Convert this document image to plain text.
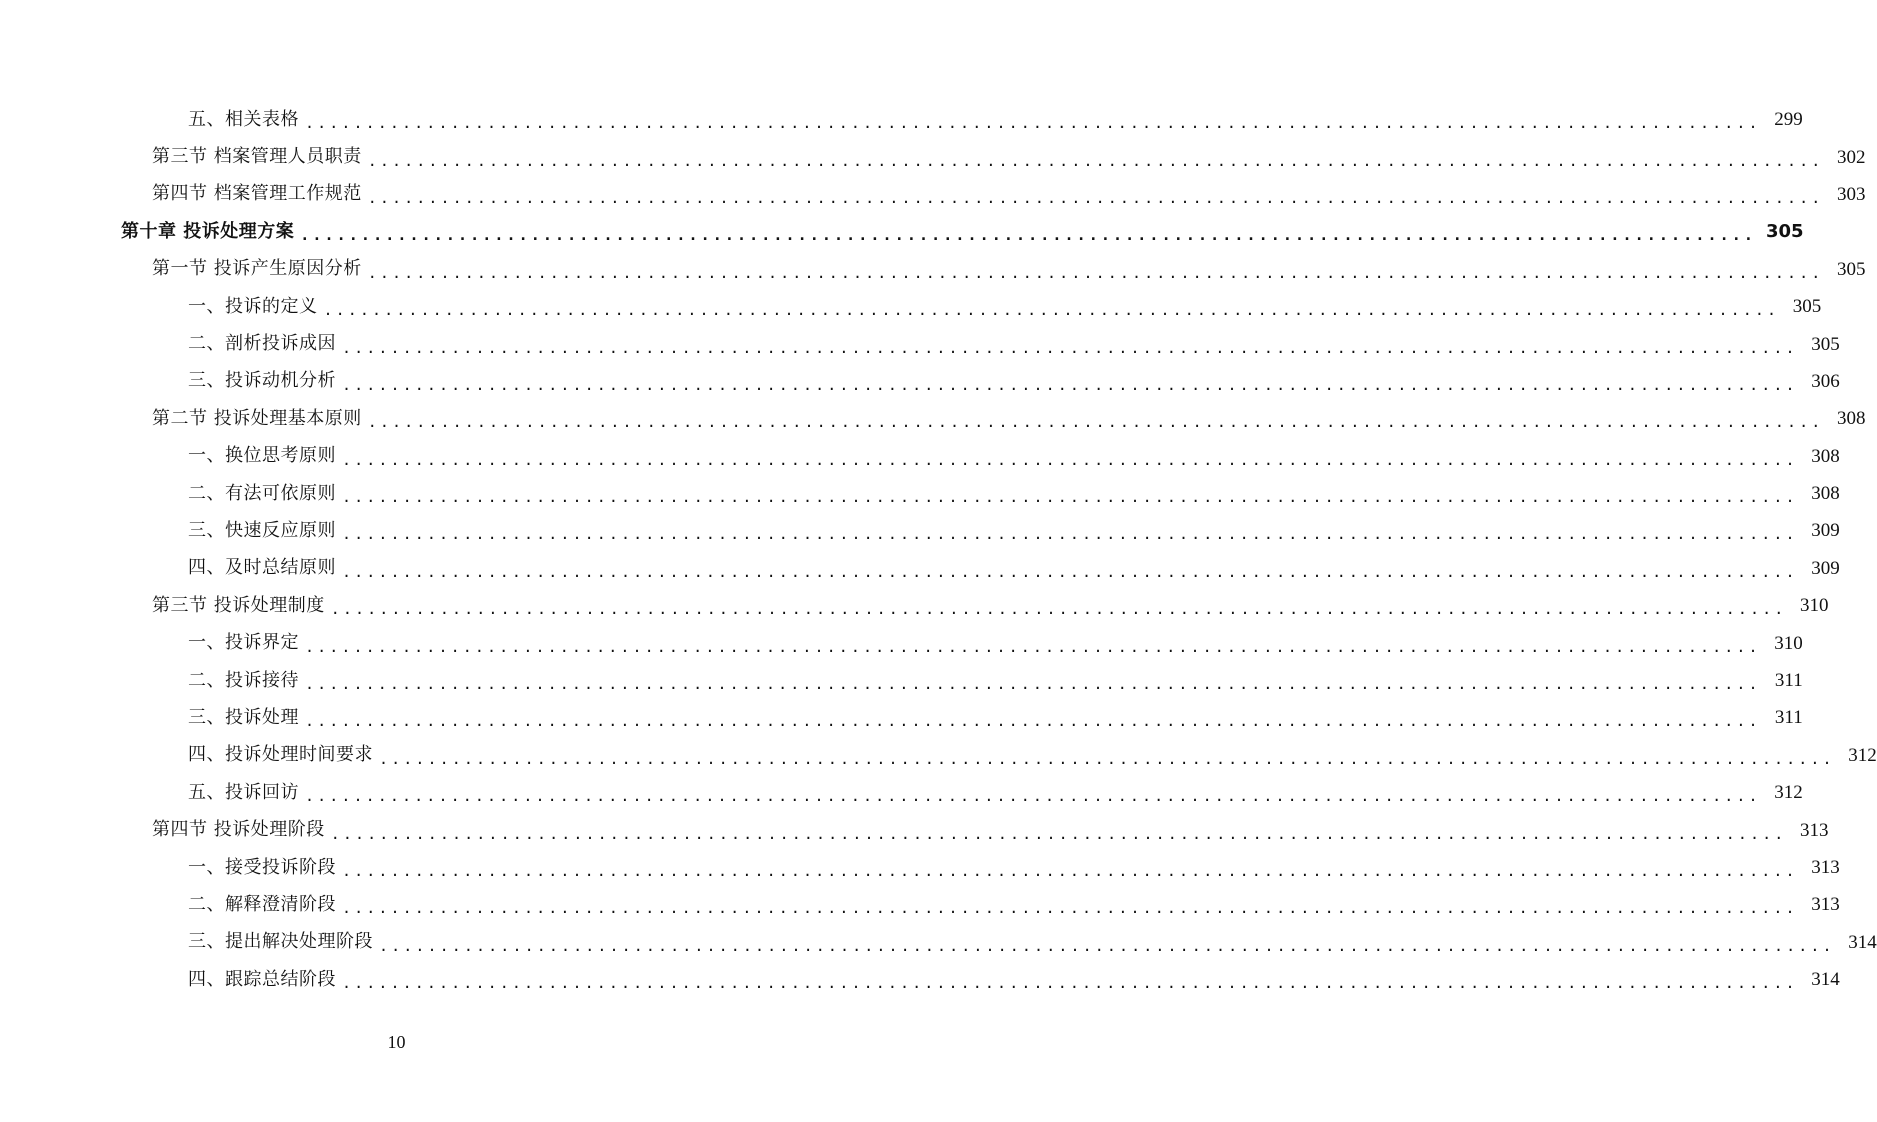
五、相关表格 ........................................................................................................................ 299
第三节 档案管理人员职责 ........................................................................................................................ 302
第四节 档案管理工作规范 ........................................................................................................................ 303
第十章 投诉处理方案 ........................................................................................................................ 305
第一节 投诉产生原因分析 ........................................................................................................................ 305
一、投诉的定义 ........................................................................................................................ 305
二、剖析投诉成因 ........................................................................................................................ 305
三、投诉动机分析 ........................................................................................................................ 306
第二节 投诉处理基本原则 ........................................................................................................................ 308
一、换位思考原则 ........................................................................................................................ 308
二、有法可依原则 ........................................................................................................................ 308
三、快速反应原则 ........................................................................................................................ 309
四、及时总结原则 ........................................................................................................................ 309
第三节 投诉处理制度 ........................................................................................................................ 310
一、投诉界定 ........................................................................................................................ 310
二、投诉接待 ........................................................................................................................ 311
三、投诉处理 ........................................................................................................................ 311
四、投诉处理时间要求 ........................................................................................................................ 312
五、投诉回访 ........................................................................................................................ 312
第四节 投诉处理阶段 ........................................................................................................................ 313
一、接受投诉阶段 ........................................................................................................................ 313
二、解释澄清阶段 ........................................................................................................................ 313
三、提出解决处理阶段 ........................................................................................................................ 314
四、跟踪总结阶段 ........................................................................................................................ 314
10
